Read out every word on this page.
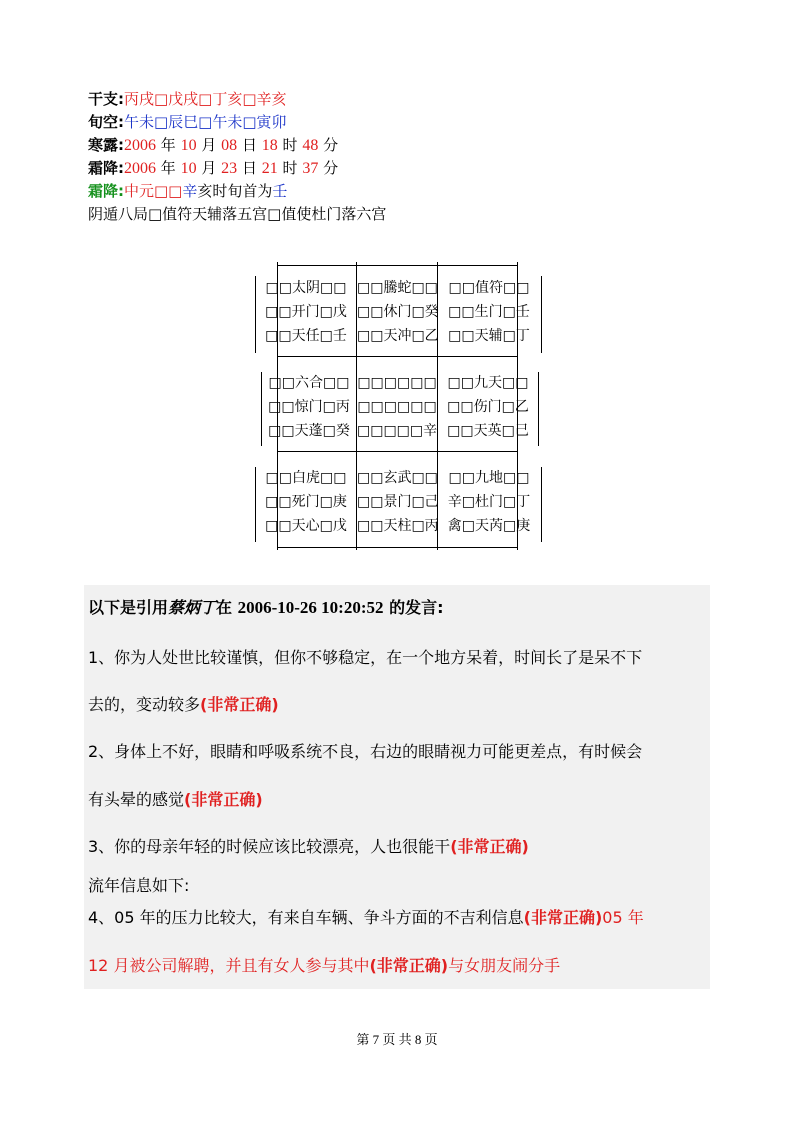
干支:丙戌□戊戌□丁亥□辛亥
旬空:午未□辰巳□午未□寅卯
寒露:2006 年 10 月 08 日 18 时 48 分
霜降:2006 年 10 月 23 日 21 时 37 分
霜降:中元□□辛亥时旬首为壬
阴遁八局□值符天辅落五宫□值使杜门落六宫
□□太阴□□
□□开门□戊
□□天任□壬
□□騰蛇□□
□□休门□癸
□□天冲□乙
□□值符□□
□□生门□壬
□□天辅□丁
□□六合□□
□□惊门□丙
□□天蓬□癸
□□□□□□
□□□□□□
□□□□□辛
□□九天□□
□□伤门□乙
□□天英□己
□□白虎□□
□□死门□庚
□□天心□戊
□□玄武□□
□□景门□己
□□天柱□丙
□□九地□□
辛□杜门□丁
禽□天芮□庚
以下是引用蔡炳丁在 2006-10-26 10:20:52 的发言:
1、你为人处世比较谨慎，但你不够稳定，在一个地方呆着，时间长了是呆不下
去的，变动较多(非常正确)
2、身体上不好，眼睛和呼吸系统不良，右边的眼睛视力可能更差点，有时候会
有头晕的感觉(非常正确)
3、你的母亲年轻的时候应该比较漂亮，人也很能干(非常正确)
流年信息如下:
4、05 年的压力比较大，有来自车辆、争斗方面的不吉利信息(非常正确)05 年
12 月被公司解聘，并且有女人参与其中(非常正确)与女朋友闹分手
第 7 页 共 8 页
